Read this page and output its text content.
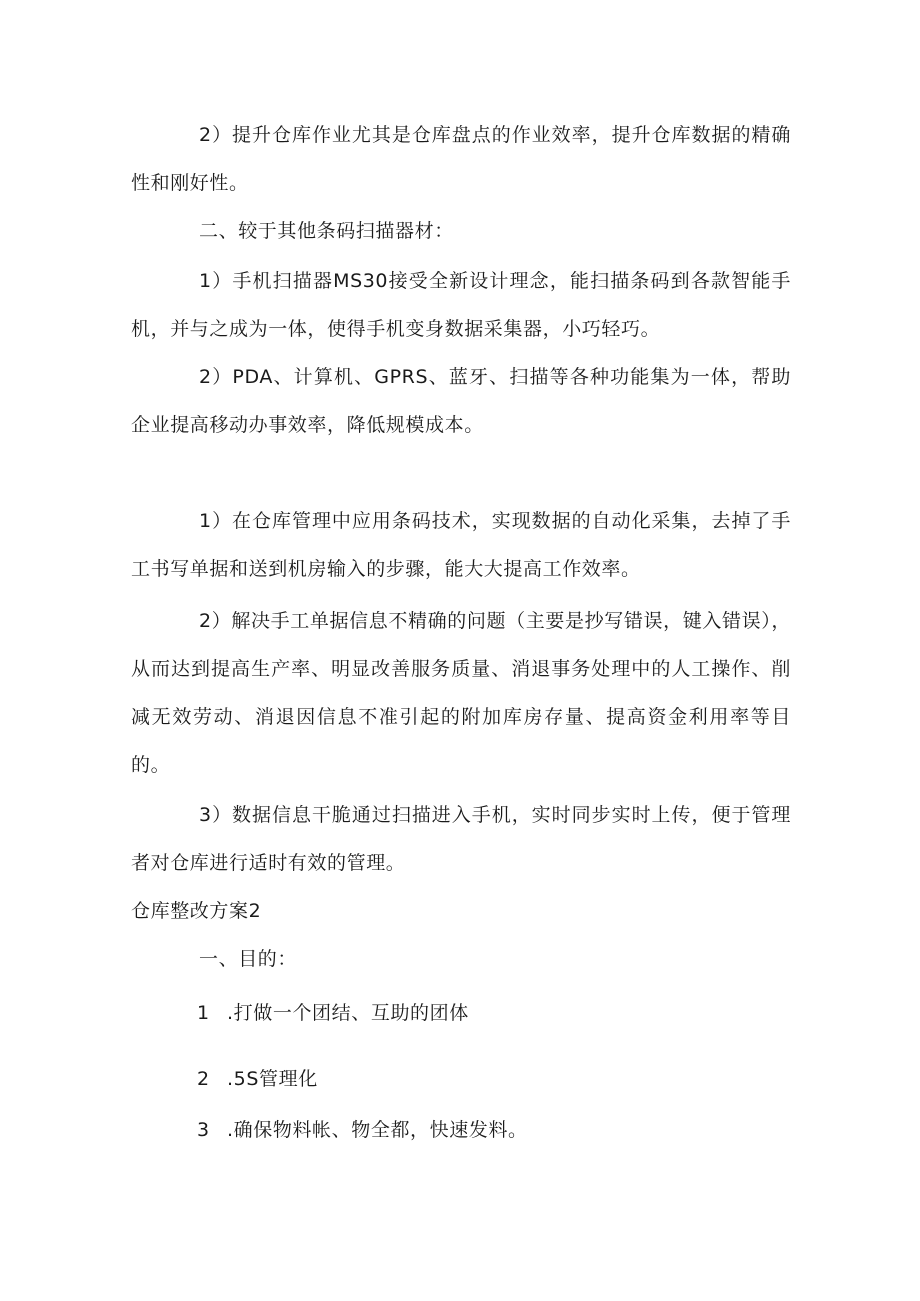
2）提升仓库作业尤其是仓库盘点的作业效率，提升仓库数据的精确性和刚好性。

二、较于其他条码扫描器材：

1）手机扫描器MS30接受全新设计理念，能扫描条码到各款智能手机，并与之成为一体，使得手机变身数据采集器，小巧轻巧。

2）PDA、计算机、GPRS、蓝牙、扫描等各种功能集为一体，帮助企业提高移动办事效率，降低规模成本。

1）在仓库管理中应用条码技术，实现数据的自动化采集，去掉了手工书写单据和送到机房输入的步骤，能大大提高工作效率。

2）解决手工单据信息不精确的问题（主要是抄写错误，键入错误），从而达到提高生产率、明显改善服务质量、消退事务处理中的人工操作、削减无效劳动、消退因信息不准引起的附加库房存量、提高资金利用率等目的。

3）数据信息干脆通过扫描进入手机，实时同步实时上传，便于管理者对仓库进行适时有效的管理。

仓库整改方案2

一、目的：

1 .打做一个团结、互助的团体

2 .5S管理化

3 .确保物料帐、物全都，快速发料。
